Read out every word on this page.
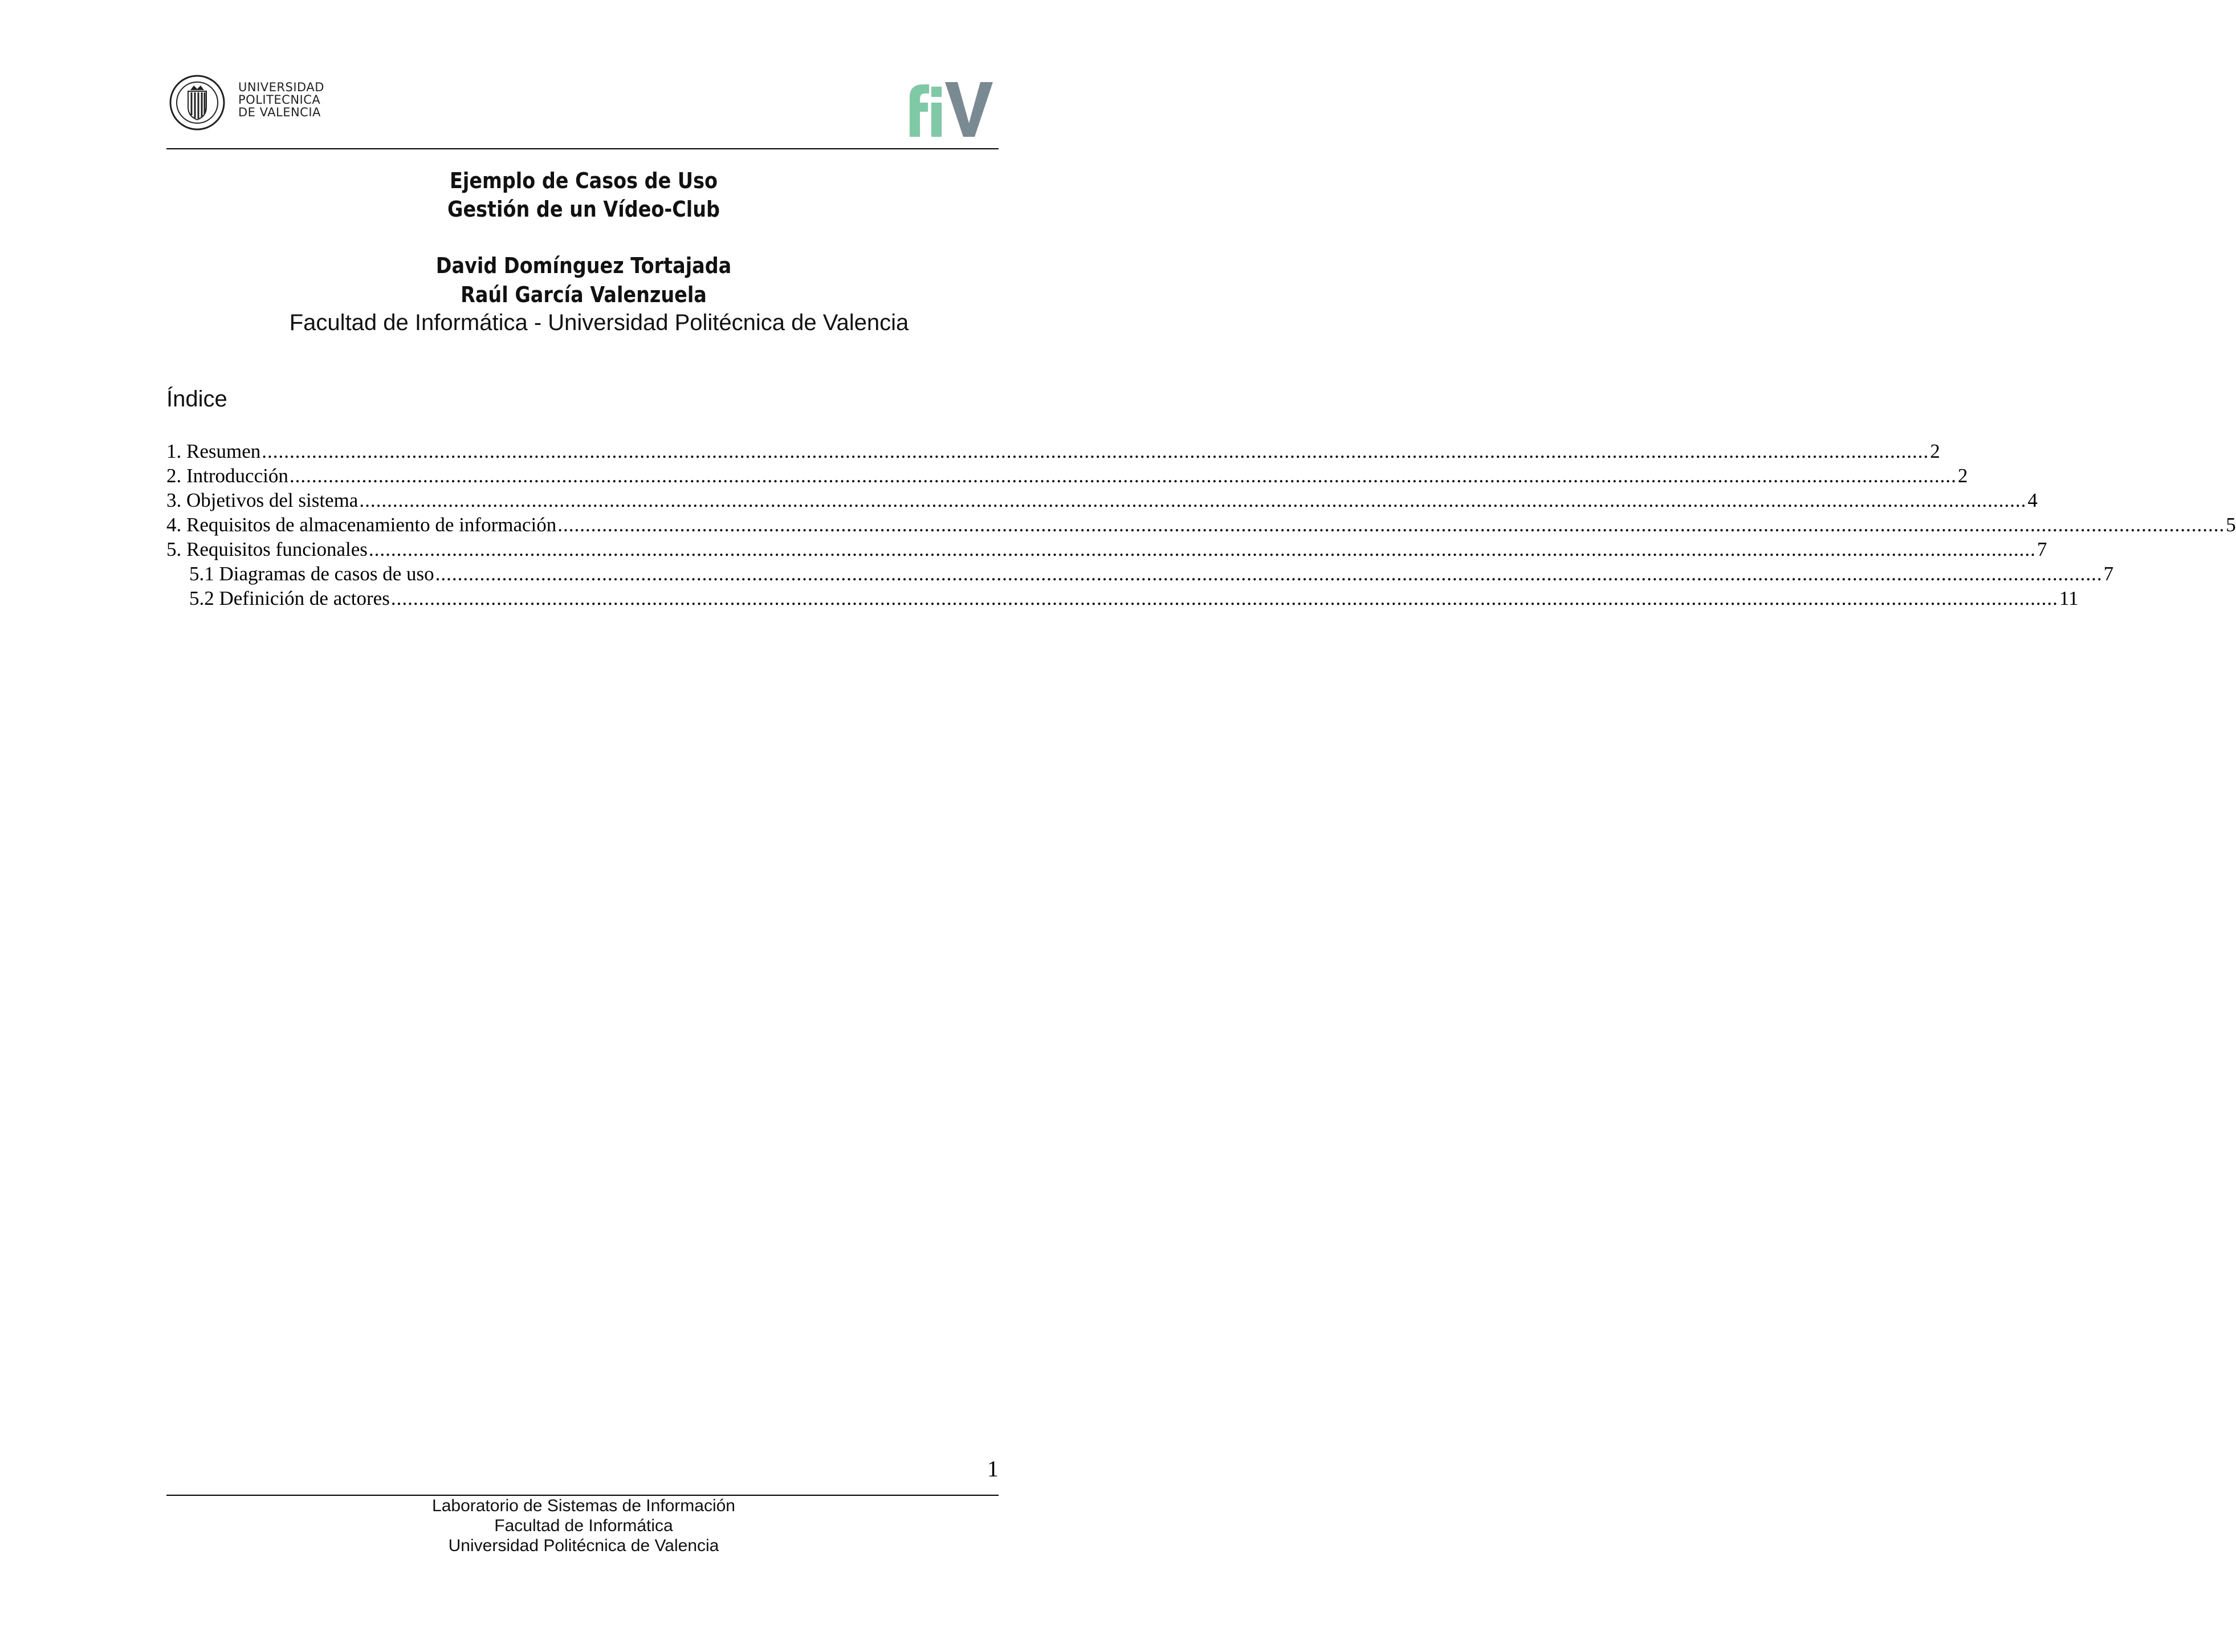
UNIVERSIDAD
POLITECNICA
DE VALENCIA
Ejemplo de Casos de Uso
Gestión de un Vídeo-Club
David Domínguez Tortajada
Raúl García Valenzuela
Facultad de Informática - Universidad Politécnica de Valencia
Índice
1. Resumen ............................................................................................................................................................................................................................................................................................................ 2
2. Introducción ............................................................................................................................................................................................................................................................................................................ 2
3. Objetivos del sistema ............................................................................................................................................................................................................................................................................................................ 4
4. Requisitos de almacenamiento de información ............................................................................................................................................................................................................................................................................................................ 5
5. Requisitos funcionales ............................................................................................................................................................................................................................................................................................................ 7
5.1 Diagramas de casos de uso ............................................................................................................................................................................................................................................................................................................ 7
5.2 Definición de actores ............................................................................................................................................................................................................................................................................................................ 11
1
Laboratorio de Sistemas de Información
Facultad de Informática
Universidad Politécnica de Valencia
